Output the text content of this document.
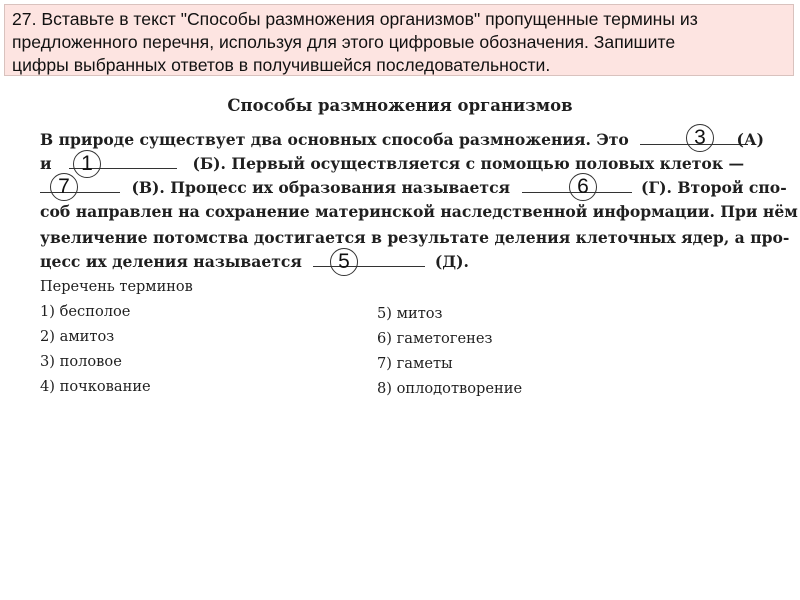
27. Вставьте в текст "Способы размножения организмов" пропущенные термины из
предложенного перечня, используя для этого цифровые обозначения. Запишите
цифры выбранных ответов в получившейся последовательности.
Способы размножения организмов
В природе существует два основных способа размножения. Это	(А)
и	(Б). Первый осуществляется с помощью половых клеток —
(В). Процесс их образования называется	(Г). Второй спо-
соб направлен на сохранение материнской наследственной информации. При нём
увеличение потомства достигается в результате деления клеточных ядер, а про-
цесс их деления называется	(Д).
3
1
7	6
5
Перечень терминов
1) бесполое
2) амитоз
3) половое
4) почкование
5) митоз
6) гаметогенез
7) гаметы
8) оплодотворение
